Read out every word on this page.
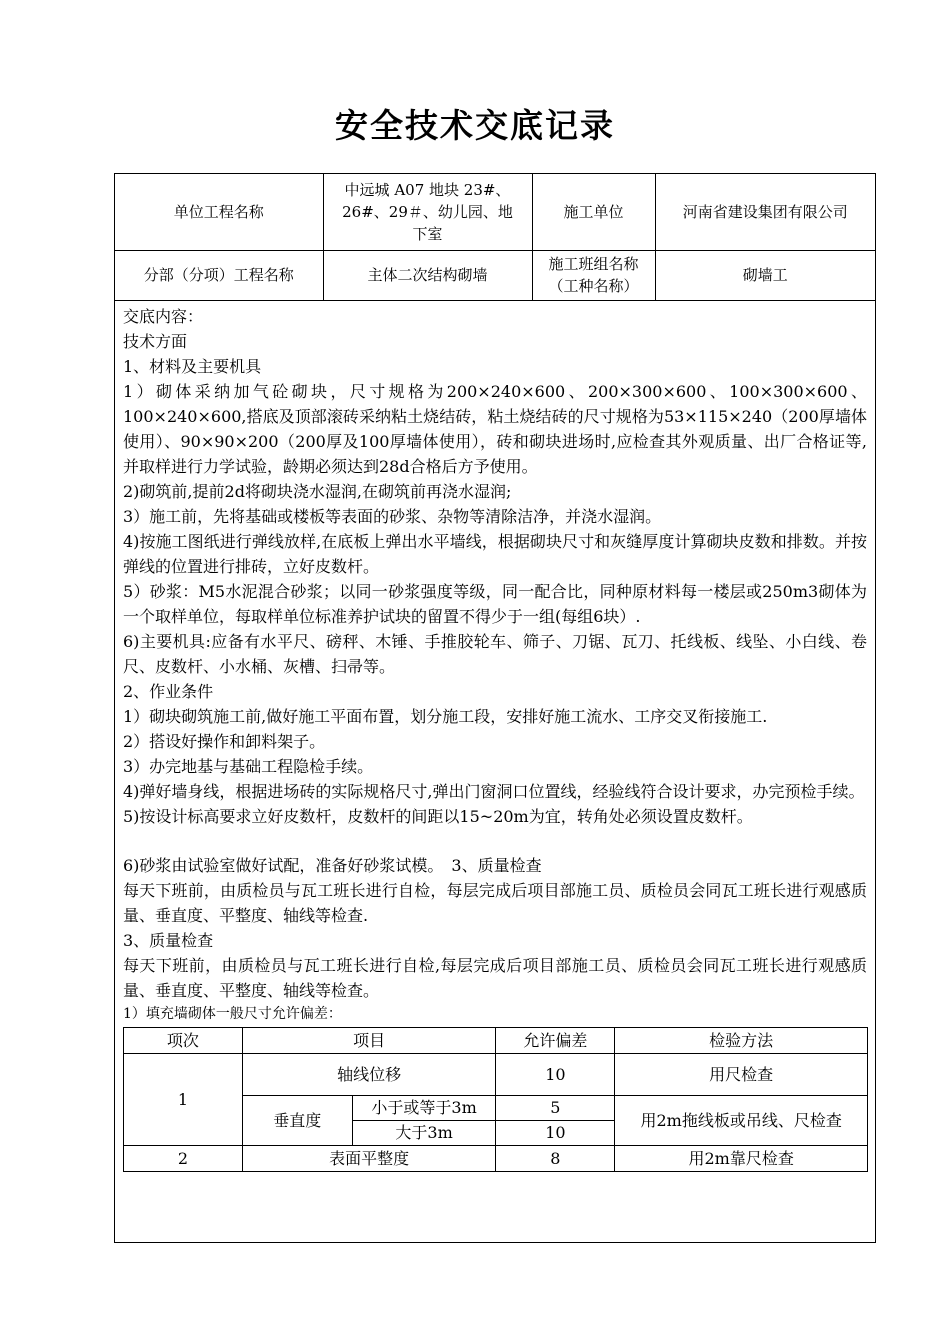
安全技术交底记录
单位工程名称	中远城 A07 地块 23#、26#、29＃、幼儿园、地下室	施工单位	河南省建设集团有限公司
分部（分项）工程名称	主体二次结构砌墙	施工班组名称（工种名称）	砌墙工

交底内容：

技术方面

1、材料及主要机具

1）砌体采纳加气砼砌块，尺寸规格为200×240×600、200×300×600、100×300×600、100×240×600,搭底及顶部滚砖采纳粘土烧结砖，粘土烧结砖的尺寸规格为53×115×240（200厚墙体使用）、90×90×200（200厚及100厚墙体使用），砖和砌块进场时,应检查其外观质量、出厂合格证等,并取样进行力学试验，龄期必须达到28d合格后方予使用。

2)砌筑前,提前2d将砌块浇水湿润,在砌筑前再浇水湿润;

3）施工前，先将基础或楼板等表面的砂浆、杂物等清除洁净，并浇水湿润。

4)按施工图纸进行弹线放样,在底板上弹出水平墙线，根据砌块尺寸和灰缝厚度计算砌块皮数和排数。并按弹线的位置进行排砖，立好皮数杆。

5）砂浆：M5水泥混合砂浆；以同一砂浆强度等级，同一配合比，同种原材料每一楼层或250m3砌体为一个取样单位，每取样单位标准养护试块的留置不得少于一组(每组6块）.

6)主要机具:应备有水平尺、磅秤、木锤、手推胶轮车、筛子、刀锯、瓦刀、托线板、线坠、小白线、卷尺、皮数杆、小水桶、灰槽、扫帚等。

2、作业条件

1）砌块砌筑施工前,做好施工平面布置，划分施工段，安排好施工流水、工序交叉衔接施工.

2）搭设好操作和卸料架子。

3）办完地基与基础工程隐检手续。

4)弹好墙身线，根据进场砖的实际规格尺寸,弹出门窗洞口位置线，经验线符合设计要求，办完预检手续。

5)按设计标高要求立好皮数杆，皮数杆的间距以15~20m为宜，转角处必须设置皮数杆。

6)砂浆由试验室做好试配，准备好砂浆试模。　3、质量检查

每天下班前，由质检员与瓦工班长进行自检，每层完成后项目部施工员、质检员会同瓦工班长进行观感质量、垂直度、平整度、轴线等检查.

3、质量检查

每天下班前，由质检员与瓦工班长进行自检,每层完成后项目部施工员、质检员会同瓦工班长进行观感质量、垂直度、平整度、轴线等检查。

1）填充墙砌体一般尺寸允许偏差：

项次	项目		允许偏差	检验方法
1	轴线位移		10	用尺检查
	垂直度	小于或等于3m	5	用2m拖线板或吊线、尺检查
		大于3m	10	
2	表面平整度		8	用2m靠尺检查
